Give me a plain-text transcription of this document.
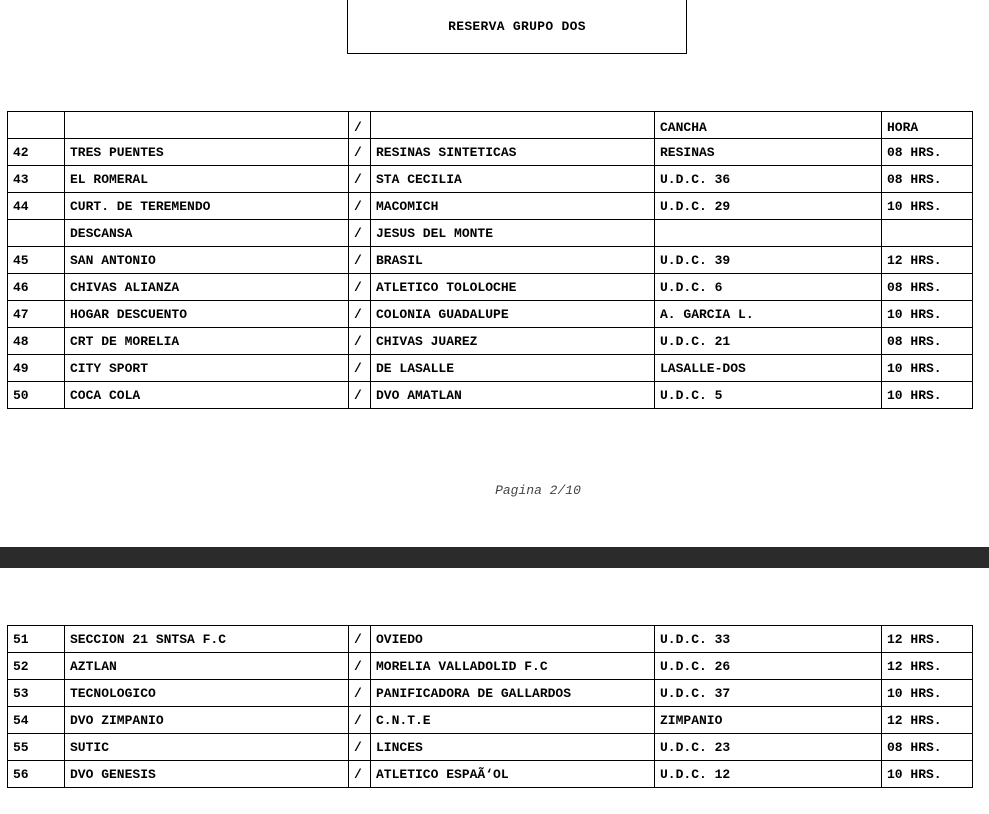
RESERVA GRUPO DOS
		/		CANCHA	HORA
42	TRES PUENTES	/	RESINAS SINTETICAS	RESINAS	08 HRS.
43	EL ROMERAL	/	STA CECILIA	U.D.C. 36	08 HRS.
44	CURT. DE TEREMENDO	/	MACOMICH	U.D.C. 29	10 HRS.
	DESCANSA	/	JESUS DEL MONTE		
45	SAN ANTONIO	/	BRASIL	U.D.C. 39	12 HRS.
46	CHIVAS ALIANZA	/	ATLETICO TOLOLOCHE	U.D.C. 6	08 HRS.
47	HOGAR DESCUENTO	/	COLONIA GUADALUPE	A. GARCIA L.	10 HRS.
48	CRT DE MORELIA	/	CHIVAS JUAREZ	U.D.C. 21	08 HRS.
49	CITY SPORT	/	DE LASALLE	LASALLE-DOS	10 HRS.
50	COCA COLA	/	DVO AMATLAN	U.D.C. 5	10 HRS.
Pagina 2/10
51	SECCION 21 SNTSA F.C	/	OVIEDO	U.D.C. 33	12 HRS.
52	AZTLAN	/	MORELIA VALLADOLID F.C	U.D.C. 26	12 HRS.
53	TECNOLOGICO	/	PANIFICADORA DE GALLARDOS	U.D.C. 37	10 HRS.
54	DVO ZIMPANIO	/	C.N.T.E	ZIMPANIO	12 HRS.
55	SUTIC	/	LINCES	U.D.C. 23	08 HRS.
56	DVO GENESIS	/	ATLETICO ESPAÃ‘OL	U.D.C. 12	10 HRS.
